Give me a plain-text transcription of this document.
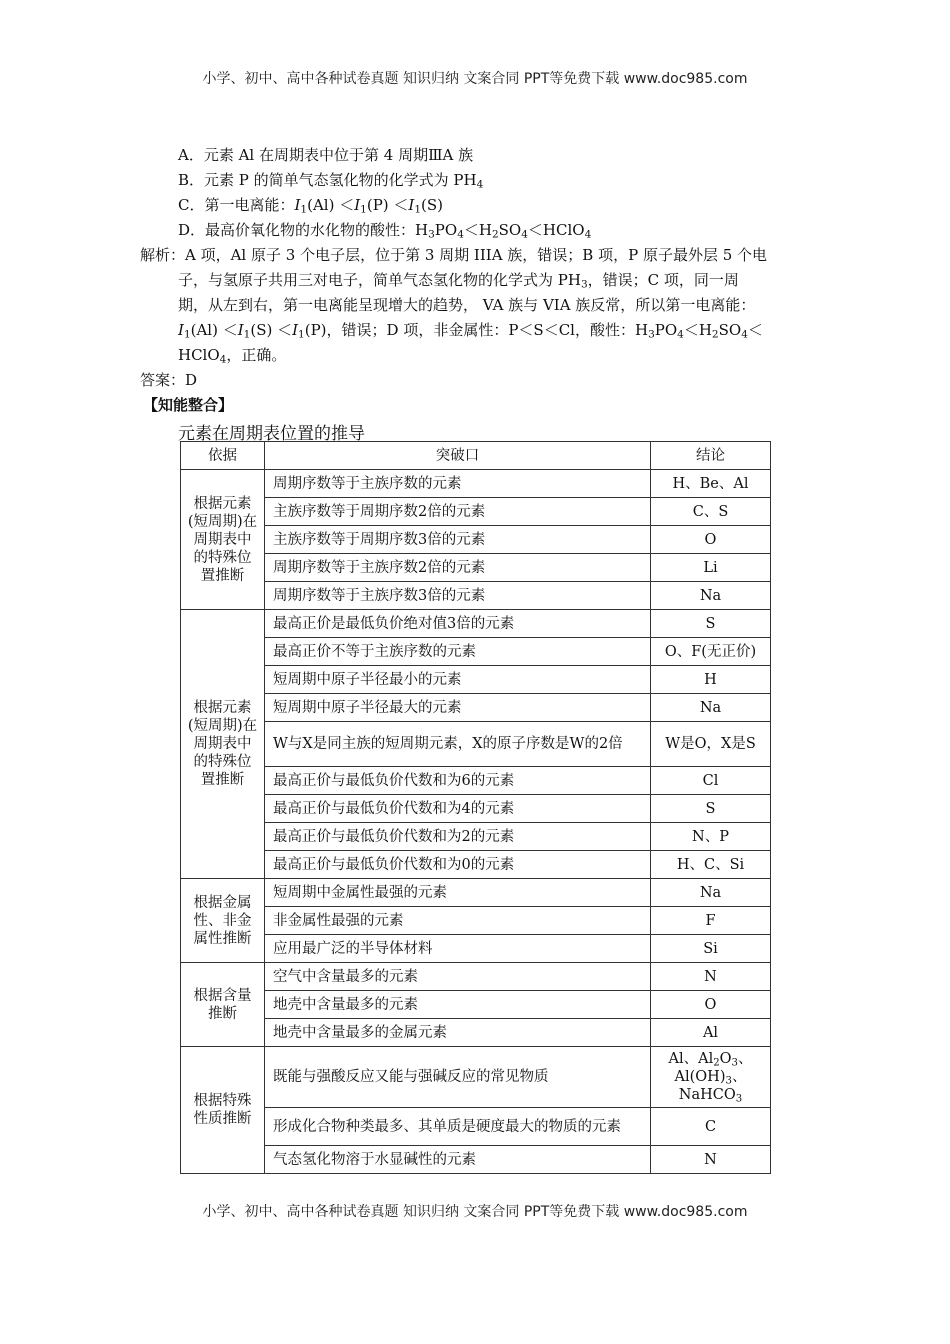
小学、初中、高中各种试卷真题 知识归纳 文案合同 PPT等免费下载 www.doc985.com
A．元素 Al 在周期表中位于第 4 周期ⅢA 族
B．元素 P 的简单气态氢化物的化学式为 $PH_4$
C．第一电离能：$I_1(Al) <I_1(P) <I_1(S)$
D．最高价氧化物的水化物的酸性：$H_3PO_4<H_2SO_4<HClO_4$
解析：A 项，Al 原子 3 个电子层，位于第 3 周期 IIIA 族，错误；B 项，P 原子最外层 5 个电
子，与氢原子共用三对电子，简单气态氢化物的化学式为 $PH_3$，错误；C 项，同一周
期，从左到右，第一电离能呈现增大的趋势， VA 族与 VIA 族反常，所以第一电离能：
$I_1(Al) <I_1(S) <I_1(P)$，错误；D 项，非金属性：P＜S＜Cl，酸性：$H_3PO_4<H_2SO_4<$
HClO$_4$，正确。
答案：D
【知能整合】
元素在周期表位置的推导
依据	突破口	结论
根据元素(短周期)在周期表中的特殊位置推断	周期序数等于主族序数的元素	H、Be、Al
	主族序数等于周期序数2倍的元素	C、S
	主族序数等于周期序数3倍的元素	O
	周期序数等于主族序数2倍的元素	Li
	周期序数等于主族序数3倍的元素	Na
根据元素(短周期)在周期表中的特殊位置推断	最高正价是最低负价绝对值3倍的元素	S
	最高正价不等于主族序数的元素	O、F(无正价)
	短周期中原子半径最小的元素	H
	短周期中原子半径最大的元素	Na
	W与X是同主族的短周期元素，X的原子序数是W的2倍	W是O，X是S
	最高正价与最低负价代数和为6的元素	Cl
	最高正价与最低负价代数和为4的元素	S
	最高正价与最低负价代数和为2的元素	N、P
	最高正价与最低负价代数和为0的元素	H、C、Si
根据金属性、非金属性推断	短周期中金属性最强的元素	Na
	非金属性最强的元素	F
	应用最广泛的半导体材料	Si
根据含量推断	空气中含量最多的元素	N
	地壳中含量最多的元素	O
	地壳中含量最多的金属元素	Al
根据特殊性质推断	既能与强酸反应又能与强碱反应的常见物质	Al、$Al_2O_3$、
$Al(OH)_3$、
NaHCO$_3$
	形成化合物种类最多、其单质是硬度最大的物质的元素	C
	气态氢化物溶于水显碱性的元素	N
小学、初中、高中各种试卷真题 知识归纳 文案合同 PPT等免费下载 www.doc985.com
